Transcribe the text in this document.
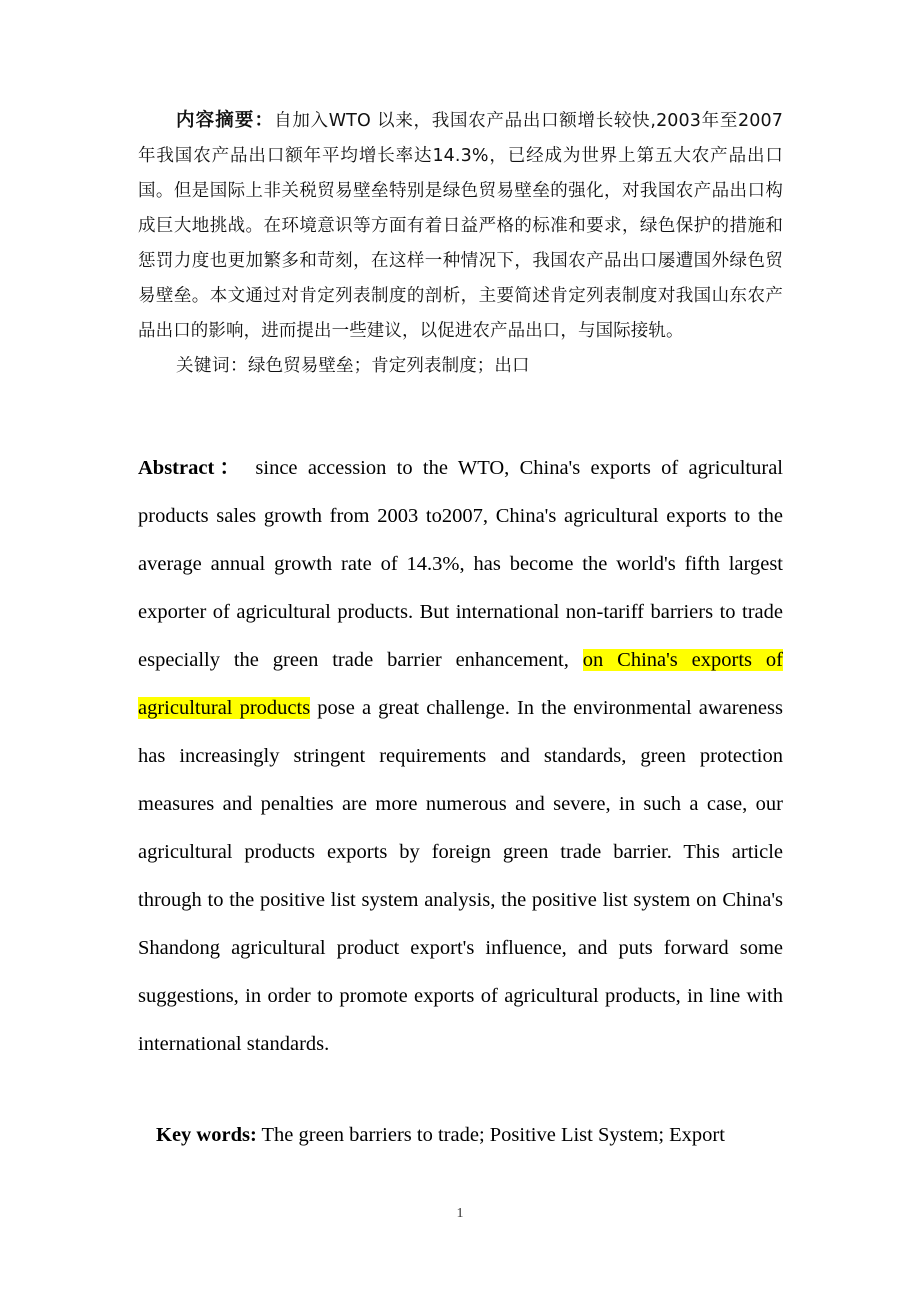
内容摘要：自加入WTO 以来，我国农产品出口额增长较快,2003年至2007年我国农产品出口额年平均增长率达14.3%，已经成为世界上第五大农产品出口国。但是国际上非关税贸易壁垒特别是绿色贸易壁垒的强化，对我国农产品出口构成巨大地挑战。在环境意识等方面有着日益严格的标准和要求，绿色保护的措施和惩罚力度也更加繁多和苛刻，在这样一种情况下，我国农产品出口屡遭国外绿色贸易壁垒。本文通过对肯定列表制度的剖析，主要简述肯定列表制度对我国山东农产品出口的影响，进而提出一些建议，以促进农产品出口，与国际接轨。

关键词：绿色贸易壁垒；肯定列表制度；出口

Abstract： since accession to the WTO, China's exports of agricultural products sales growth from 2003 to2007, China's agricultural exports to the average annual growth rate of 14.3%, has become the world's fifth largest exporter of agricultural products. But international non-tariff barriers to trade especially the green trade barrier enhancement, on China's exports of agricultural products pose a great challenge. In the environmental awareness has increasingly stringent requirements and standards, green protection measures and penalties are more numerous and severe, in such a case, our agricultural products exports by foreign green trade barrier. This article through to the positive list system analysis, the positive list system on China's Shandong agricultural product export's influence, and puts forward some suggestions, in order to promote exports of agricultural products, in line with international standards.

Key words: The green barriers to trade; Positive List System; Export
1
